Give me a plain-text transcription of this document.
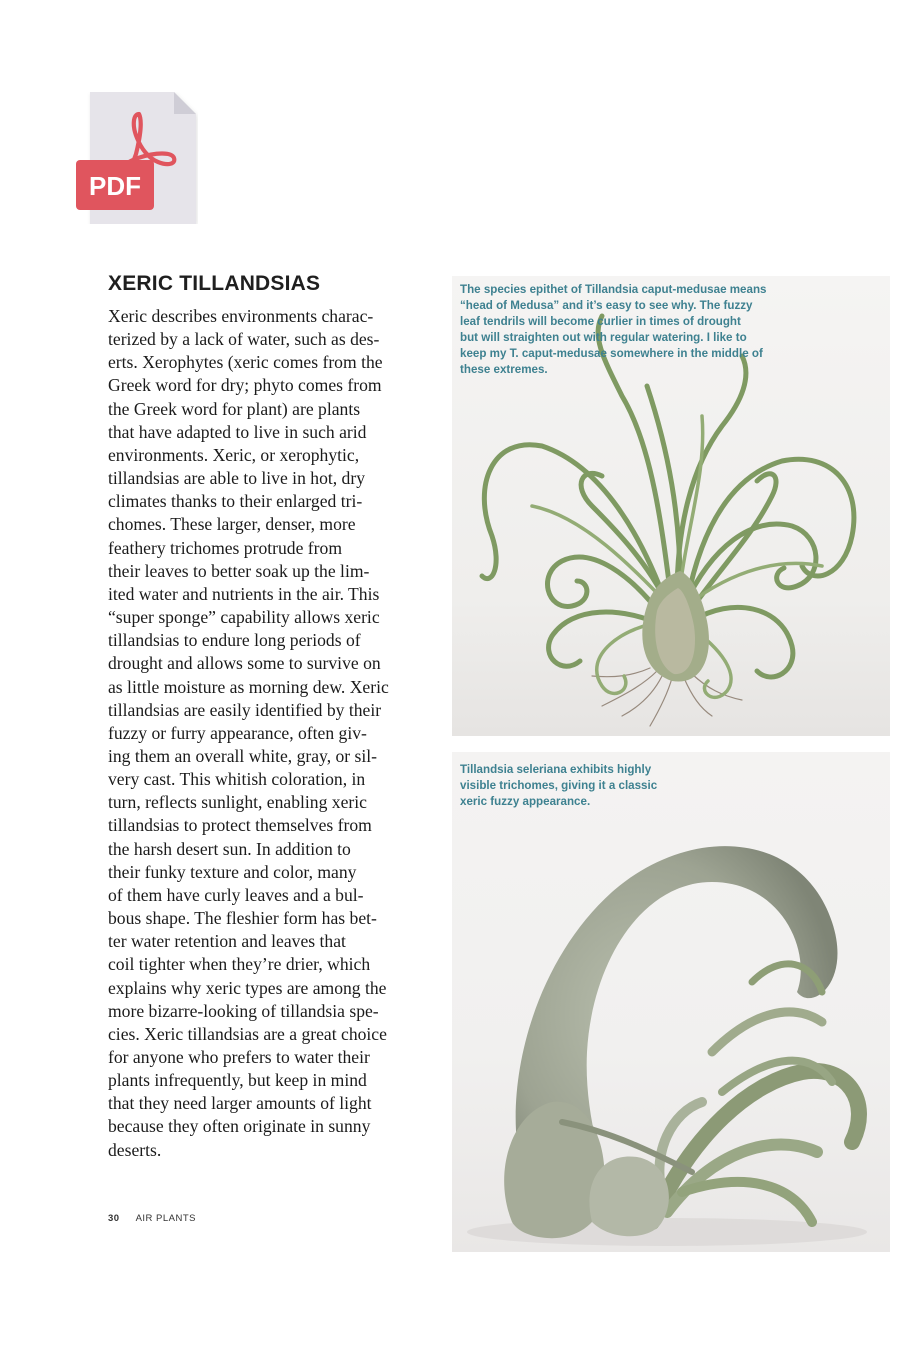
PDF
XERIC TILLANDSIAS
Xeric describes environments charac-
terized by a lack of water, such as des-
erts. Xerophytes (xeric comes from the
Greek word for dry; phyto comes from
the Greek word for plant) are plants
that have adapted to live in such arid
environments. Xeric, or xerophytic,
tillandsias are able to live in hot, dry
climates thanks to their enlarged tri-
chomes. These larger, denser, more
feathery trichomes protrude from
their leaves to better soak up the lim-
ited water and nutrients in the air. This
“super sponge” capability allows xeric
tillandsias to endure long periods of
drought and allows some to survive on
as little moisture as morning dew. Xeric
tillandsias are easily identified by their
fuzzy or furry appearance, often giv-
ing them an overall white, gray, or sil-
very cast. This whitish coloration, in
turn, reflects sunlight, enabling xeric
tillandsias to protect themselves from
the harsh desert sun. In addition to
their funky texture and color, many
of them have curly leaves and a bul-
bous shape. The fleshier form has bet-
ter water retention and leaves that
coil tighter when they’re drier, which
explains why xeric types are among the
more bizarre-looking of tillandsia spe-
cies. Xeric tillandsias are a great choice
for anyone who prefers to water their
plants infrequently, but keep in mind
that they need larger amounts of light
because they often originate in sunny
deserts.
The species epithet of Tillandsia caput-medusae means
“head of Medusa” and it’s easy to see why. The fuzzy
leaf tendrils will become curlier in times of drought
but will straighten out with regular watering. I like to
keep my T. caput-medusae somewhere in the middle of
these extremes.
Tillandsia seleriana exhibits highly
visible trichomes, giving it a classic
xeric fuzzy appearance.
30 AIR PLANTS
